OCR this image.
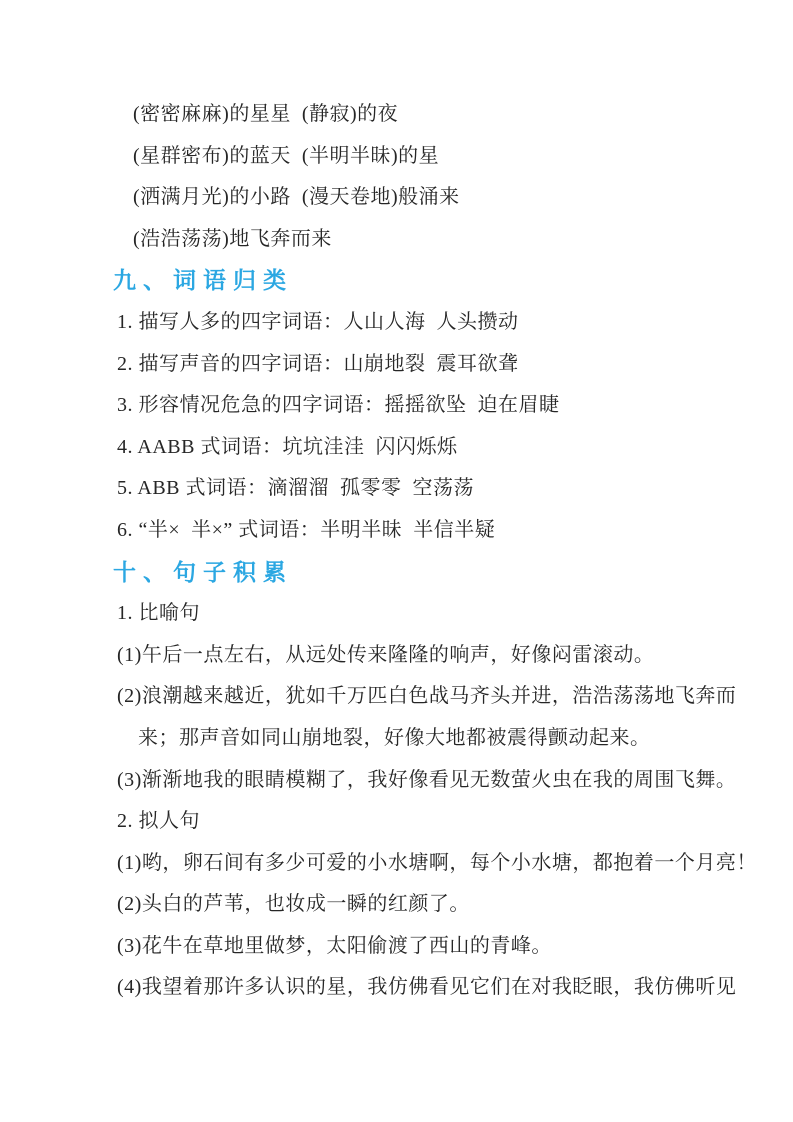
(密密麻麻)的星星  (静寂)的夜

(星群密布)的蓝天  (半明半昧)的星

(洒满月光)的小路  (漫天卷地)般涌来

(浩浩荡荡)地飞奔而来

九、词语归类

1. 描写人多的四字词语：人山人海  人头攒动

2. 描写声音的四字词语：山崩地裂  震耳欲聋

3. 形容情况危急的四字词语：摇摇欲坠  迫在眉睫

4. AABB 式词语：坑坑洼洼  闪闪烁烁

5. ABB 式词语：滴溜溜  孤零零  空荡荡

6. “半×  半×” 式词语：半明半昧  半信半疑

十、句子积累

1. 比喻句

(1)午后一点左右，从远处传来隆隆的响声，好像闷雷滚动。

(2)浪潮越来越近，犹如千万匹白色战马齐头并进，浩浩荡荡地飞奔而

来；那声音如同山崩地裂，好像大地都被震得颤动起来。

(3)渐渐地我的眼睛模糊了，我好像看见无数萤火虫在我的周围飞舞。

2. 拟人句

(1)哟，卵石间有多少可爱的小水塘啊，每个小水塘，都抱着一个月亮！

(2)头白的芦苇，也妆成一瞬的红颜了。

(3)花牛在草地里做梦，太阳偷渡了西山的青峰。

(4)我望着那许多认识的星，我仿佛看见它们在对我眨眼，我仿佛听见
